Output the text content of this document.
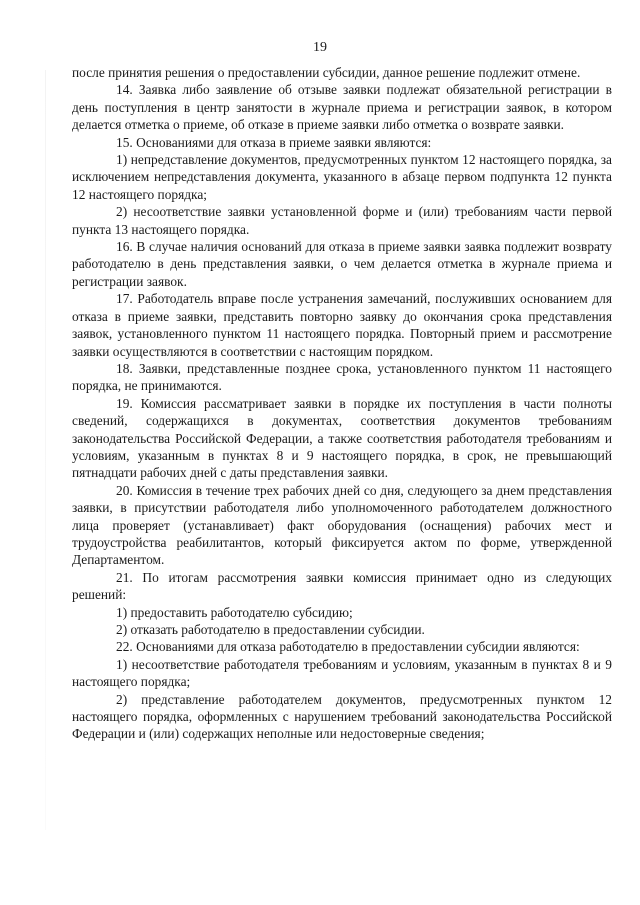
19

после принятия решения о предоставлении субсидии, данное решение подлежит отмене.

14. Заявка либо заявление об отзыве заявки подлежат обязательной регистрации в день поступления в центр занятости в журнале приема и регистрации заявок, в котором делается отметка о приеме, об отказе в приеме заявки либо отметка о возврате заявки.

15. Основаниями для отказа в приеме заявки являются:

1) непредставление документов, предусмотренных пунктом 12 настоящего порядка, за исключением непредставления документа, указанного в абзаце первом подпункта 12 пункта 12 настоящего порядка;

2) несоответствие заявки установленной форме и (или) требованиям части первой пункта 13 настоящего порядка.

16. В случае наличия оснований для отказа в приеме заявки заявка подлежит возврату работодателю в день представления заявки, о чем делается отметка в журнале приема и регистрации заявок.

17. Работодатель вправе после устранения замечаний, послуживших основанием для отказа в приеме заявки, представить повторно заявку до окончания срока представления заявок, установленного пунктом 11 настоящего порядка. Повторный прием и рассмотрение заявки осуществляются в соответствии с настоящим порядком.

18. Заявки, представленные позднее срока, установленного пунктом 11 настоящего порядка, не принимаются.

19. Комиссия рассматривает заявки в порядке их поступления в части полноты сведений, содержащихся в документах, соответствия документов требованиям законодательства Российской Федерации, а также соответствия работодателя требованиям и условиям, указанным в пунктах 8 и 9 настоящего порядка, в срок, не превышающий пятнадцати рабочих дней с даты представления заявки.

20. Комиссия в течение трех рабочих дней со дня, следующего за днем представления заявки, в присутствии работодателя либо уполномоченного работодателем должностного лица проверяет (устанавливает) факт оборудования (оснащения) рабочих мест и трудоустройства реабилитантов, который фиксируется актом по форме, утвержденной Департаментом.

21. По итогам рассмотрения заявки комиссия принимает одно из следующих решений:

1) предоставить работодателю субсидию;

2) отказать работодателю в предоставлении субсидии.

22. Основаниями для отказа работодателю в предоставлении субсидии являются:

1) несоответствие работодателя требованиям и условиям, указанным в пунктах 8 и 9 настоящего порядка;

2) представление работодателем документов, предусмотренных пунктом 12 настоящего порядка, оформленных с нарушением требований законодательства Российской Федерации и (или) содержащих неполные или недостоверные сведения;
